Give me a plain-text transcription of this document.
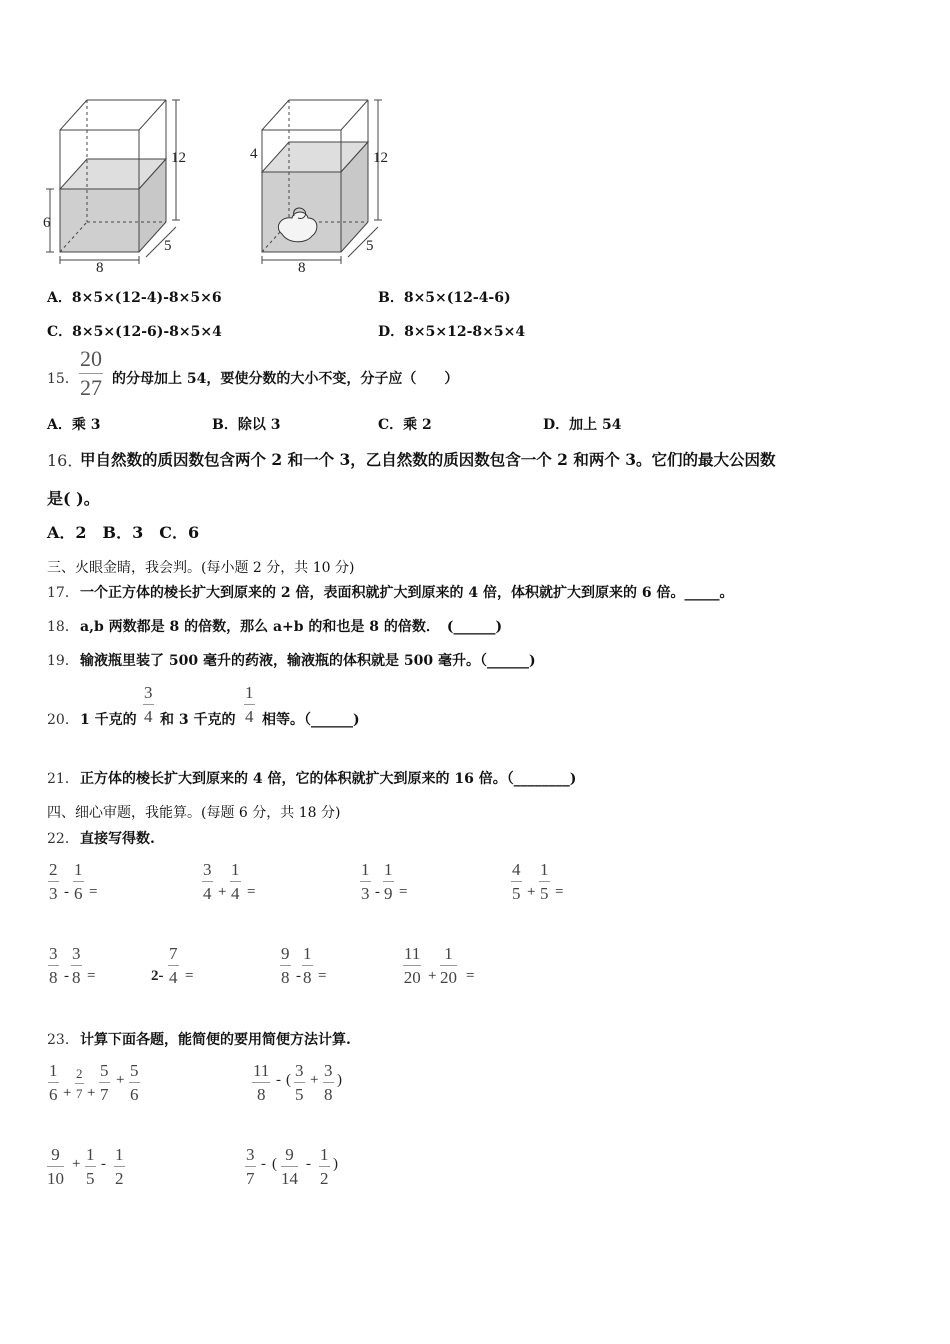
12
6
8
5
12
4
8
5
A．8×5×(12-4)-8×5×6	B．8×5×(12-4-6)
C．8×5×(12-6)-8×5×4	D．8×5×12-8×5×4
15．
20
27 的分母加上 54，要使分数的大小不变，分子应（　　）
A．乘 3	B．除以 3	C．乘 2	D．加上 54
16．
甲自然数的质因数包含两个 2 和一个 3，乙自然数的质因数包含一个 2 和两个 3。它们的最大公因数
是( )。
A．2　B．3　C．6
三、火眼金睛，我会判。(每小题 2 分，共 10 分)
17． 一个正方体的棱长扩大到原来的 2 倍，表面积就扩大到原来的 4 倍，体积就扩大到原来的 6 倍。_____。
18． a,b 两数都是 8 的倍数，那么 a+b 的和也是 8 的倍数．　(______)
19． 输液瓶里装了 500 毫升的药液，输液瓶的体积就是 500 毫升。（______)
20． 1 千克的
3
4 和 3 千克的
1
4 相等。（______)
21． 正方体的棱长扩大到原来的 4 倍，它的体积就扩大到原来的 16 倍。（________)
四、细心审题，我能算。(每题 6 分，共 18 分)
22． 直接写得数.
2
3 -
1
6 =
3
4 +
1
4 =
1
3 -
1
9 =
4
5 +
1
5 =
3
8 -
3
8 =	2-
7
4 =
9
8 -
1
8 =
11
20 +
1
20 =
23． 计算下面各题，能简便的要用简便方法计算.
1
6 +
2
7 +
5
7
+ 5
6
11
8
- ( 3
5
+ 3
8
)
9
10
+ 1
5
- 1
2
3
7
- ( 9
14
- 1
2
)
